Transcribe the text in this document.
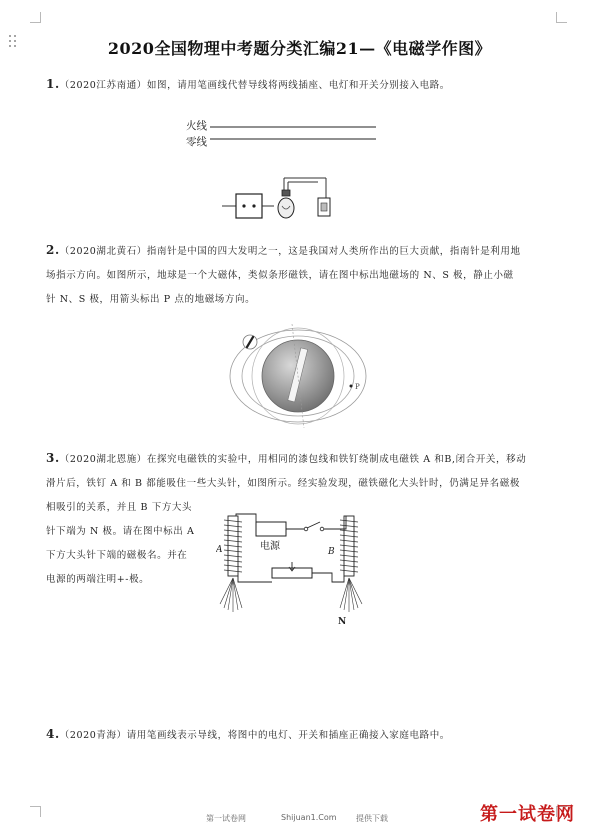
2020全国物理中考题分类汇编21—《电磁学作图》
1.（2020江苏南通）如图，请用笔画线代替导线将两线插座、电灯和开关分别接入电路。
火线
零线
2.（2020湖北黄石）指南针是中国的四大发明之一，这是我国对人类所作出的巨大贡献，指南针是利用地
场指示方向。如图所示，地球是一个大磁体，类似条形磁铁，请在图中标出地磁场的 N、S 极，静止小磁
针 N、S 极，用箭头标出 P 点的地磁场方向。
P
3.（2020湖北恩施）在探究电磁铁的实验中，用相同的漆包线和铁钉绕制成电磁铁 A 和B,闭合开关，移动
滑片后，铁钉 A 和 B 都能吸住一些大头针，如图所示。经实验发现，磁铁磁化大头针时，仍满足异名磁极
相吸引的关系，并且 B 下方大头
针下端为 N 极。请在图中标出 A
下方大头针下端的磁极名。并在
电源的两端注明+-极。
电源
A	B
N
4.（2020青海）请用笔画线表示导线，将图中的电灯、开关和插座正确接入家庭电路中。
第一试卷网	Shijuan1.Com 提供下载	第一试卷网
